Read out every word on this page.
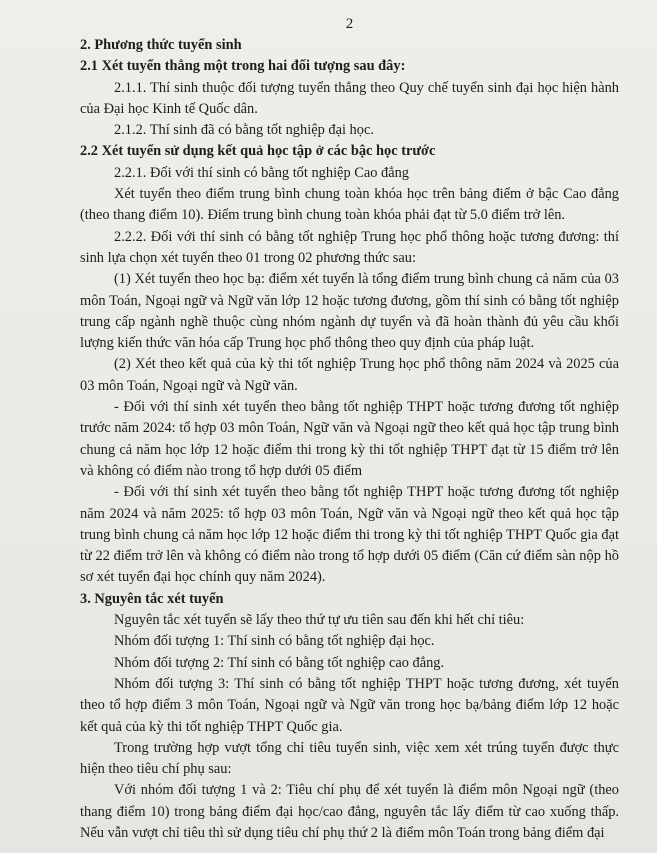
2

2. Phương thức tuyển sinh

2.1 Xét tuyển thẳng một trong hai đối tượng sau đây:

2.1.1. Thí sinh thuộc đối tượng tuyển thẳng theo Quy chế tuyển sinh đại học hiện hành của Đại học Kinh tế Quốc dân.

2.1.2. Thí sinh đã có bằng tốt nghiệp đại học.

2.2 Xét tuyển sử dụng kết quả học tập ở các bậc học trước

2.2.1. Đối với thí sinh có bằng tốt nghiệp Cao đẳng

Xét tuyển theo điểm trung bình chung toàn khóa học trên bảng điểm ở bậc Cao đẳng (theo thang điểm 10). Điểm trung bình chung toàn khóa phải đạt từ 5.0 điểm trở lên.

2.2.2. Đối với thí sinh có bằng tốt nghiệp Trung học phổ thông hoặc tương đương: thí sinh lựa chọn xét tuyển theo 01 trong 02 phương thức sau:

(1) Xét tuyển theo học bạ: điểm xét tuyển là tổng điểm trung bình chung cả năm của 03 môn Toán, Ngoại ngữ và Ngữ văn lớp 12 hoặc tương đương, gồm thí sinh có bằng tốt nghiệp trung cấp ngành nghề thuộc cùng nhóm ngành dự tuyển và đã hoàn thành đủ yêu cầu khối lượng kiến thức văn hóa cấp Trung học phổ thông theo quy định của pháp luật.

(2) Xét theo kết quả của kỳ thi tốt nghiệp Trung học phổ thông năm 2024 và 2025 của 03 môn Toán, Ngoại ngữ và Ngữ văn.

- Đối với thí sinh xét tuyển theo bằng tốt nghiệp THPT hoặc tương đương tốt nghiệp trước năm 2024: tổ hợp 03 môn Toán, Ngữ văn và Ngoại ngữ theo kết quả học tập trung bình chung cả năm học lớp 12 hoặc điểm thi trong kỳ thi tốt nghiệp THPT đạt từ 15 điểm trở lên và không có điểm nào trong tổ hợp dưới 05 điểm

- Đối với thí sinh xét tuyển theo bằng tốt nghiệp THPT hoặc tương đương tốt nghiệp năm 2024 và năm 2025: tổ hợp 03 môn Toán, Ngữ văn và Ngoại ngữ theo kết quả học tập trung bình chung cả năm học lớp 12 hoặc điểm thi trong kỳ thi tốt nghiệp THPT Quốc gia đạt từ 22 điểm trở lên và không có điểm nào trong tổ hợp dưới 05 điểm (Căn cứ điểm sàn nộp hồ sơ xét tuyển đại học chính quy năm 2024).

3. Nguyên tắc xét tuyển

Nguyên tắc xét tuyển sẽ lấy theo thứ tự ưu tiên sau đến khi hết chỉ tiêu:

Nhóm đối tượng 1: Thí sinh có bằng tốt nghiệp đại học.

Nhóm đối tượng 2: Thí sinh có bằng tốt nghiệp cao đẳng.

Nhóm đối tượng 3: Thí sinh có bằng tốt nghiệp THPT hoặc tương đương, xét tuyển theo tổ hợp điểm 3 môn Toán, Ngoại ngữ và Ngữ văn trong học bạ/bảng điểm lớp 12 hoặc kết quả của kỳ thi tốt nghiệp THPT Quốc gia.

Trong trường hợp vượt tổng chỉ tiêu tuyển sinh, việc xem xét trúng tuyển được thực hiện theo tiêu chí phụ sau:

Với nhóm đối tượng 1 và 2: Tiêu chí phụ để xét tuyển là điểm môn Ngoại ngữ (theo thang điểm 10) trong bảng điểm đại học/cao đẳng, nguyên tắc lấy điểm từ cao xuống thấp. Nếu vẫn vượt chỉ tiêu thì sử dụng tiêu chí phụ thứ 2 là điểm môn Toán trong bảng điểm đại
